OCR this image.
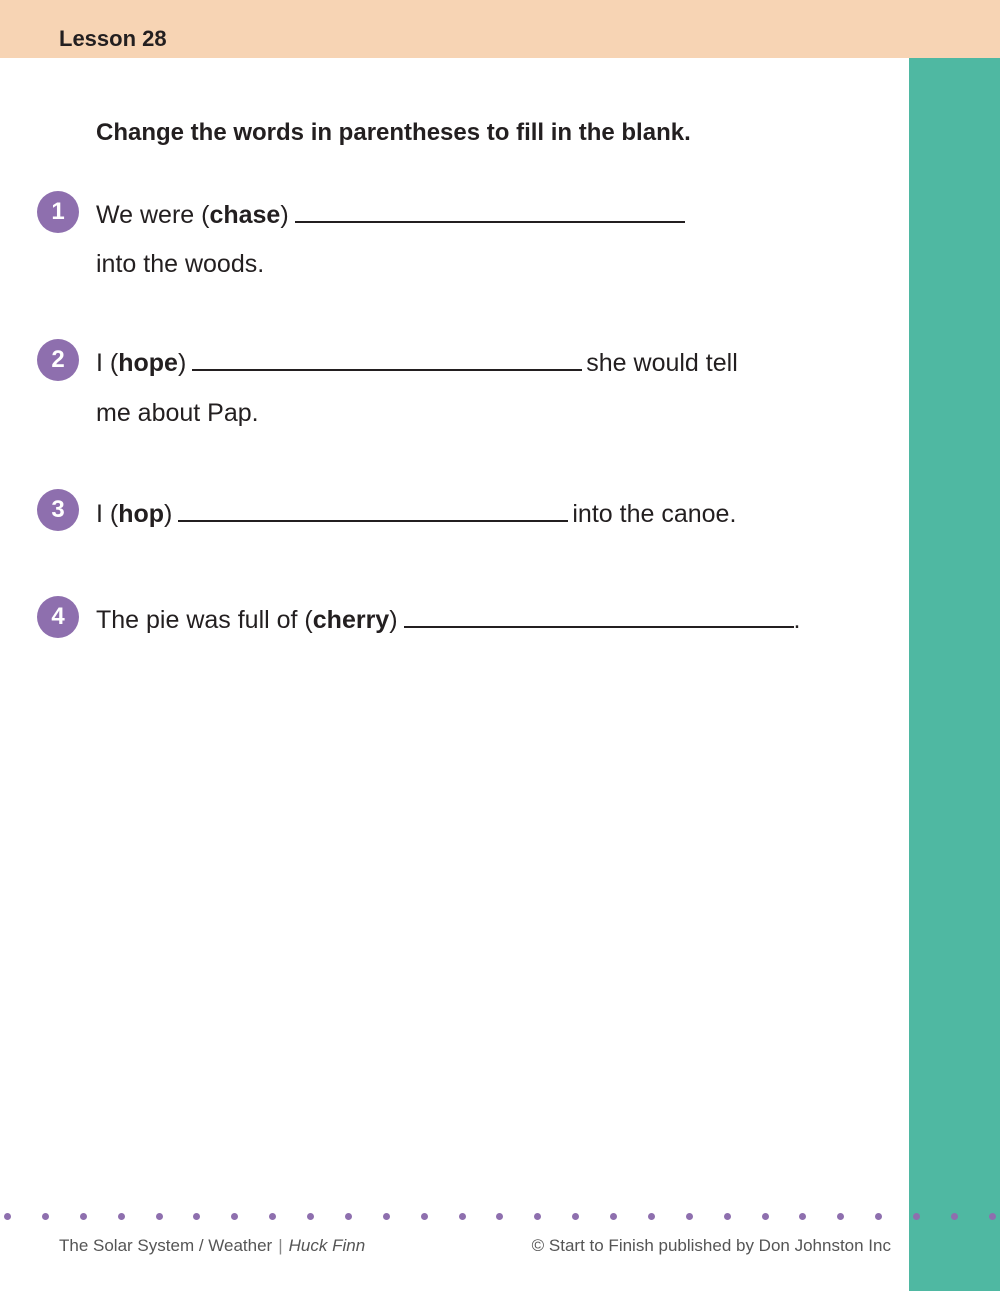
Lesson 28
Change the words in parentheses to fill in the blank.
1	We were (chase)
into the woods.
2	I (hope)	she would tell
me about Pap.
3	I (hop)	into the canoe.
4	The pie was full of (cherry)	.
The Solar System / Weather | Huck Finn	© Start to Finish published by Don Johnston Inc
